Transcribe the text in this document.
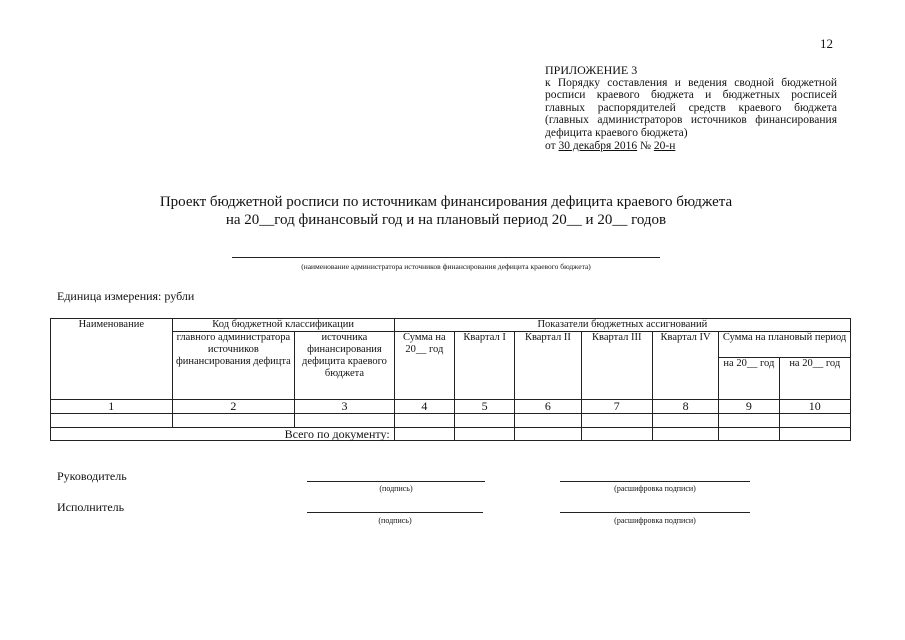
12
ПРИЛОЖЕНИЕ 3
к Порядку составления и ведения сводной бюджетной росписи краевого бюджета и бюджетных росписей главных распорядителей средств краевого бюджета (главных администраторов источников финансирования дефицита краевого бюджета)
от 30 декабря 2016 № 20-н
Проект бюджетной росписи по источникам финансирования дефицита краевого бюджета
на 20__год финансовый год и на плановый период 20__ и 20__ годов
(наименование администратора источников финансирования дефицита краевого бюджета)
Единица измерения: рубли
Наименование	Код бюджетной классификации		Показатели бюджетных ассигнований						
	главного администратора источников финансирования дефицта	источника финансирования дефицита краевого бюджета	Сумма на 20__ год	Квартал I	Квартал II	Квартал III	Квартал IV	Сумма на плановый период	
								на 20__ год	на 20__ год
1	2	3	4	5	6	7	8	9	10

Всего по документу:									
Руководитель
(подпись)	(расшифровка подписи)
Исполнитель
(подпись)	(расшифровка подписи)
